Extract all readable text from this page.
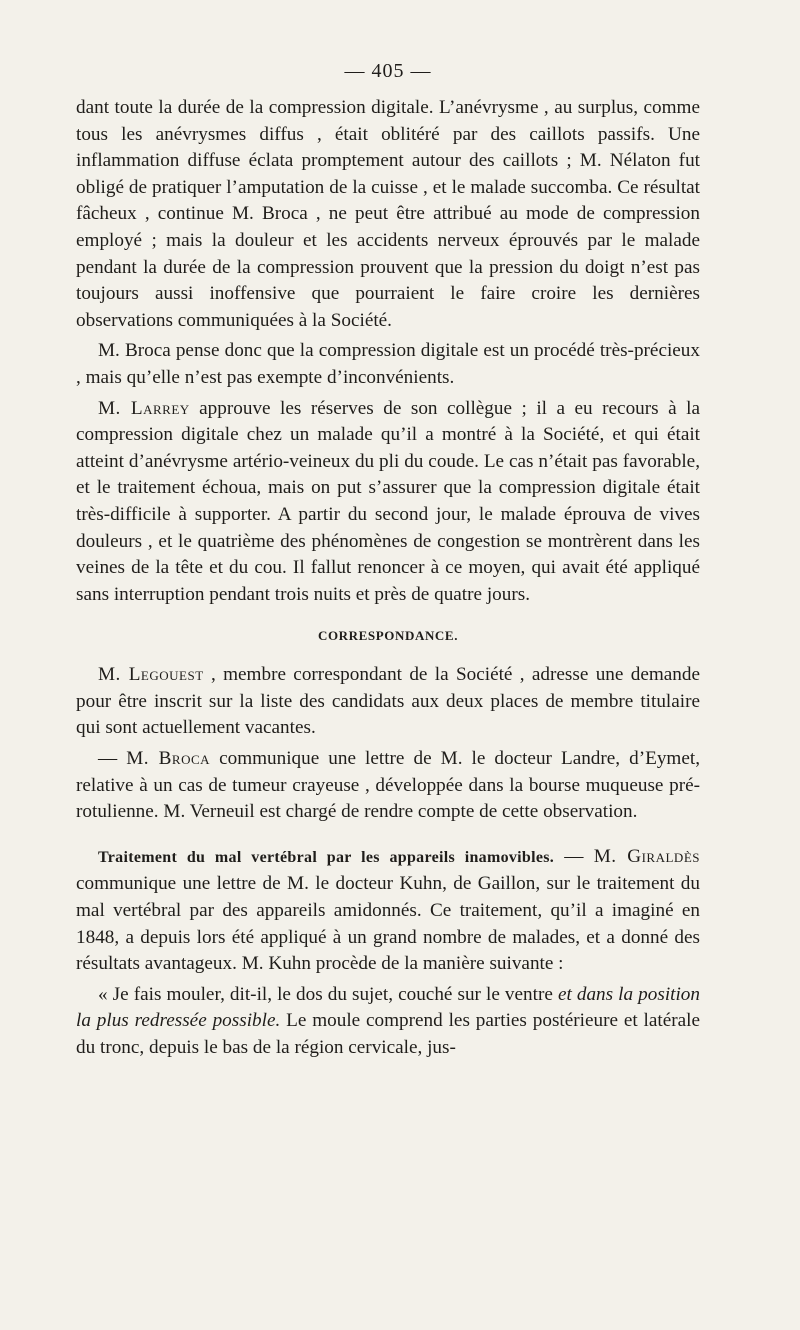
— 405 —

dant toute la durée de la compression digitale. L’anévrysme , au surplus, comme tous les anévrysmes diffus , était oblitéré par des caillots passifs. Une inflammation diffuse éclata promptement autour des caillots ; M. Nélaton fut obligé de pratiquer l’amputation de la cuisse , et le malade succomba. Ce résultat fâcheux , continue M. Broca , ne peut être attribué au mode de compression employé ; mais la douleur et les accidents nerveux éprouvés par le malade pendant la durée de la compression prouvent que la pression du doigt n’est pas toujours aussi inoffensive que pourraient le faire croire les dernières observations communiquées à la Société.

M. Broca pense donc que la compression digitale est un procédé très-précieux , mais qu’elle n’est pas exempte d’inconvénients.

M. Larrey approuve les réserves de son collègue ; il a eu recours à la compression digitale chez un malade qu’il a montré à la Société, et qui était atteint d’anévrysme artério-veineux du pli du coude. Le cas n’était pas favorable, et le traitement échoua, mais on put s’assurer que la compression digitale était très-difficile à supporter. A partir du second jour, le malade éprouva de vives douleurs , et le quatrième des phénomènes de congestion se montrèrent dans les veines de la tête et du cou. Il fallut renoncer à ce moyen, qui avait été appliqué sans interruption pendant trois nuits et près de quatre jours.

CORRESPONDANCE.

M. Legouest , membre correspondant de la Société , adresse une demande pour être inscrit sur la liste des candidats aux deux places de membre titulaire qui sont actuellement vacantes.

— M. Broca communique une lettre de M. le docteur Landre, d’Eymet, relative à un cas de tumeur crayeuse , développée dans la bourse muqueuse pré-rotulienne. M. Verneuil est chargé de rendre compte de cette observation.

Traitement du mal vertébral par les appareils inamovibles. — M. Giraldès communique une lettre de M. le docteur Kuhn, de Gaillon, sur le traitement du mal vertébral par des appareils amidonnés. Ce traitement, qu’il a imaginé en 1848, a depuis lors été appliqué à un grand nombre de malades, et a donné des résultats avantageux. M. Kuhn procède de la manière suivante :

« Je fais mouler, dit-il, le dos du sujet, couché sur le ventre et dans la position la plus redressée possible. Le moule comprend les parties postérieure et latérale du tronc, depuis le bas de la région cervicale, jus-
